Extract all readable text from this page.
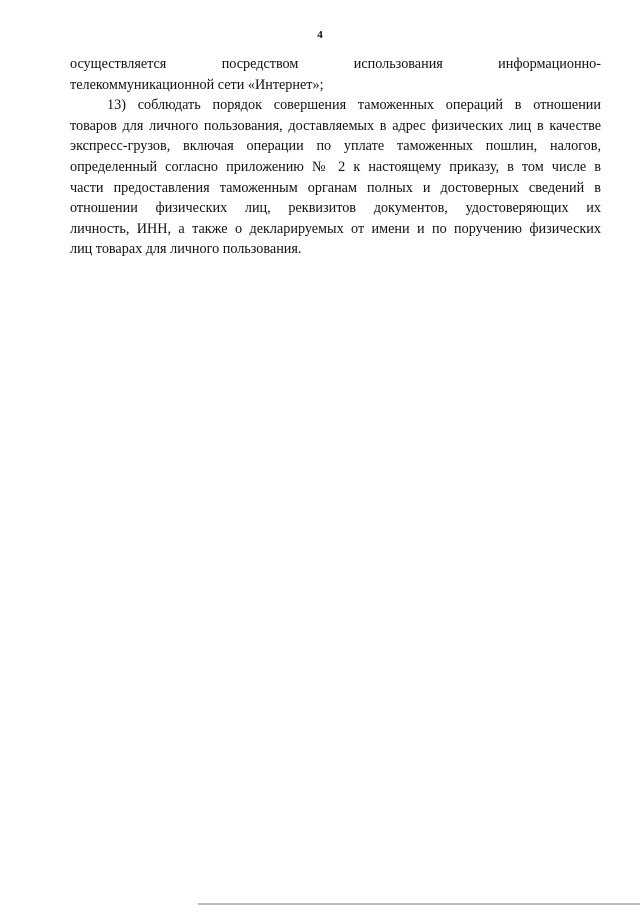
4
осуществляется посредством использования информационно-
телекоммуникационной сети «Интернет»;
13) соблюдать порядок совершения таможенных операций в отношении
товаров для личного пользования, доставляемых в адрес физических лиц в качестве
экспресс-грузов, включая операции по уплате таможенных пошлин, налогов,
определенный согласно приложению № 2 к настоящему приказу, в том числе в
части предоставления таможенным органам полных и достоверных сведений в
отношении физических лиц, реквизитов документов, удостоверяющих их
личность, ИНН, а также о декларируемых от имени и по поручению физических
лиц товарах для личного пользования.
